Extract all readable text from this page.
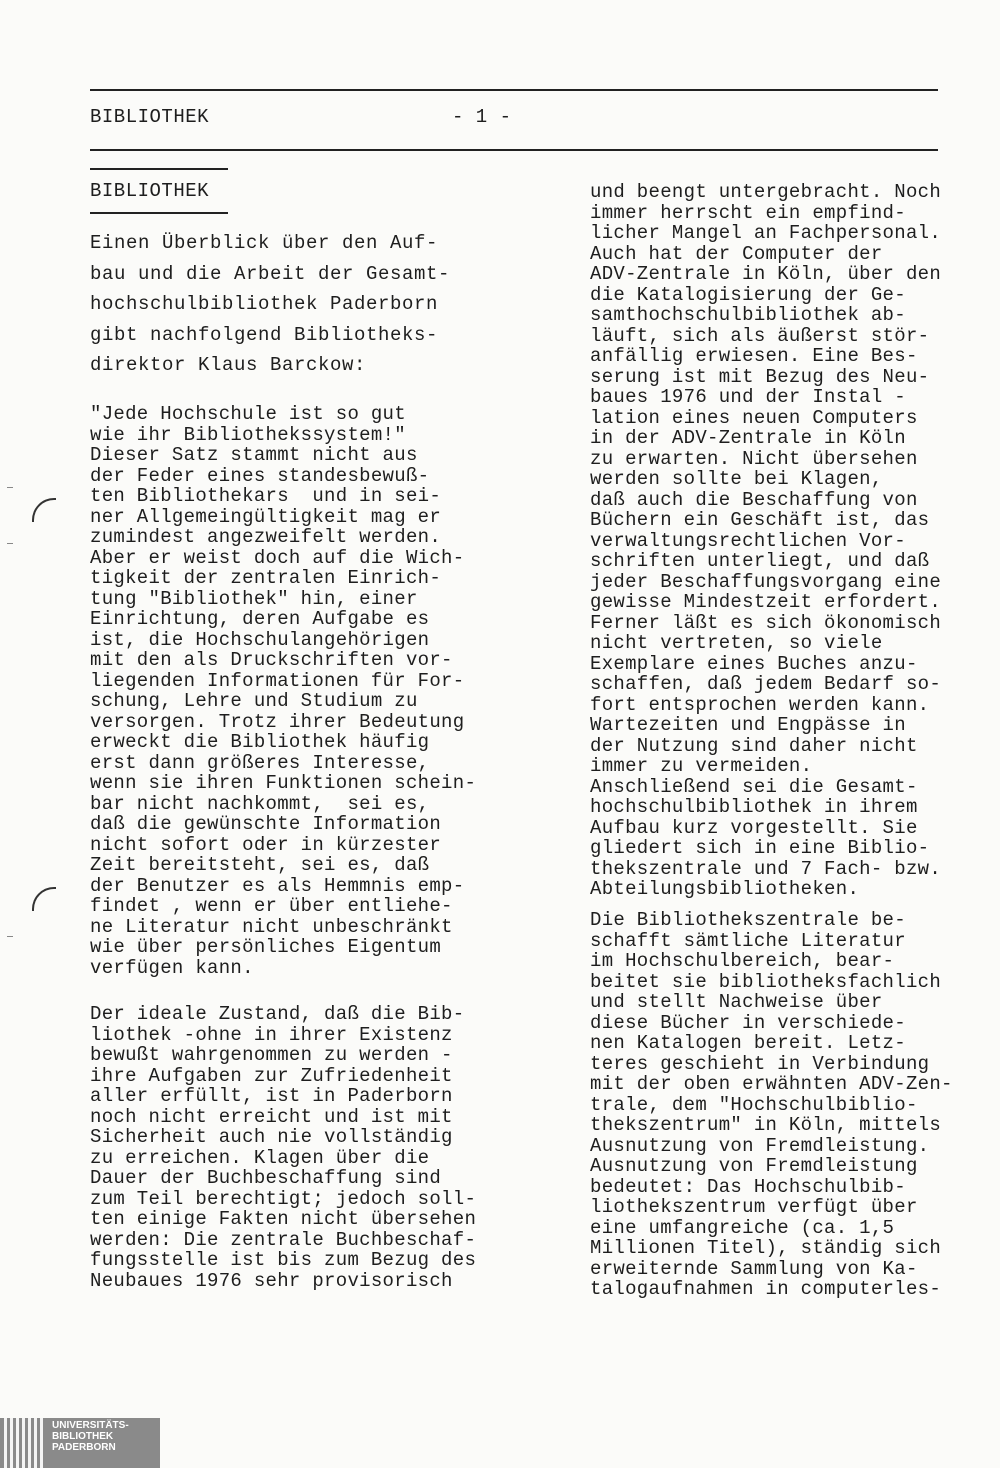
BIBLIOTHEK	- 1 -
BIBLIOTHEK
Einen Überblick über den Auf-
bau und die Arbeit der Gesamt-
hochschulbibliothek Paderborn
gibt nachfolgend Bibliotheks-
direktor Klaus Barckow:
"Jede Hochschule ist so gut
wie ihr Bibliothekssystem!"
Dieser Satz stammt nicht aus
der Feder eines standesbewuß-
ten Bibliothekars  und in sei-
ner Allgemeingültigkeit mag er
zumindest angezweifelt werden.
Aber er weist doch auf die Wich-
tigkeit der zentralen Einrich-
tung "Bibliothek" hin, einer
Einrichtung, deren Aufgabe es
ist, die Hochschulangehörigen
mit den als Druckschriften vor-
liegenden Informationen für For-
schung, Lehre und Studium zu
versorgen. Trotz ihrer Bedeutung
erweckt die Bibliothek häufig
erst dann größeres Interesse,
wenn sie ihren Funktionen schein-
bar nicht nachkommt,  sei es,
daß die gewünschte Information
nicht sofort oder in kürzester
Zeit bereitsteht, sei es, daß
der Benutzer es als Hemmnis emp-
findet , wenn er über entliehe-
ne Literatur nicht unbeschränkt
wie über persönliches Eigentum
verfügen kann.
Der ideale Zustand, daß die Bib-
liothek -ohne in ihrer Existenz
bewußt wahrgenommen zu werden -
ihre Aufgaben zur Zufriedenheit
aller erfüllt, ist in Paderborn
noch nicht erreicht und ist mit
Sicherheit auch nie vollständig
zu erreichen. Klagen über die
Dauer der Buchbeschaffung sind
zum Teil berechtigt; jedoch soll-
ten einige Fakten nicht übersehen
werden: Die zentrale Buchbeschaf-
fungsstelle ist bis zum Bezug des
Neubaues 1976 sehr provisorisch
und beengt untergebracht. Noch
immer herrscht ein empfind-
licher Mangel an Fachpersonal.
Auch hat der Computer der
ADV-Zentrale in Köln, über den
die Katalogisierung der Ge-
samthochschulbibliothek ab-
läuft, sich als äußerst stör-
anfällig erwiesen. Eine Bes-
serung ist mit Bezug des Neu-
baues 1976 und der Instal -
lation eines neuen Computers
in der ADV-Zentrale in Köln
zu erwarten. Nicht übersehen
werden sollte bei Klagen,
daß auch die Beschaffung von
Büchern ein Geschäft ist, das
verwaltungsrechtlichen Vor-
schriften unterliegt, und daß
jeder Beschaffungsvorgang eine
gewisse Mindestzeit erfordert.
Ferner läßt es sich ökonomisch
nicht vertreten, so viele
Exemplare eines Buches anzu-
schaffen, daß jedem Bedarf so-
fort entsprochen werden kann.
Wartezeiten und Engpässe in
der Nutzung sind daher nicht
immer zu vermeiden.
Anschließend sei die Gesamt-
hochschulbibliothek in ihrem
Aufbau kurz vorgestellt. Sie
gliedert sich in eine Biblio-
thekszentrale und 7 Fach- bzw.
Abteilungsbibliotheken.
Die Bibliothekszentrale be-
schafft sämtliche Literatur
im Hochschulbereich, bear-
beitet sie bibliotheksfachlich
und stellt Nachweise über
diese Bücher in verschiede-
nen Katalogen bereit. Letz-
teres geschieht in Verbindung
mit der oben erwähnten ADV-Zen-
trale, dem "Hochschulbiblio-
thekszentrum" in Köln, mittels
Ausnutzung von Fremdleistung.
Ausnutzung von Fremdleistung
bedeutet: Das Hochschulbib-
liothekszentrum verfügt über
eine umfangreiche (ca. 1,5
Millionen Titel), ständig sich
erweiternde Sammlung von Ka-
talogaufnahmen in computerles-
UNIVERSITÄTS-
BIBLIOTHEK
PADERBORN
